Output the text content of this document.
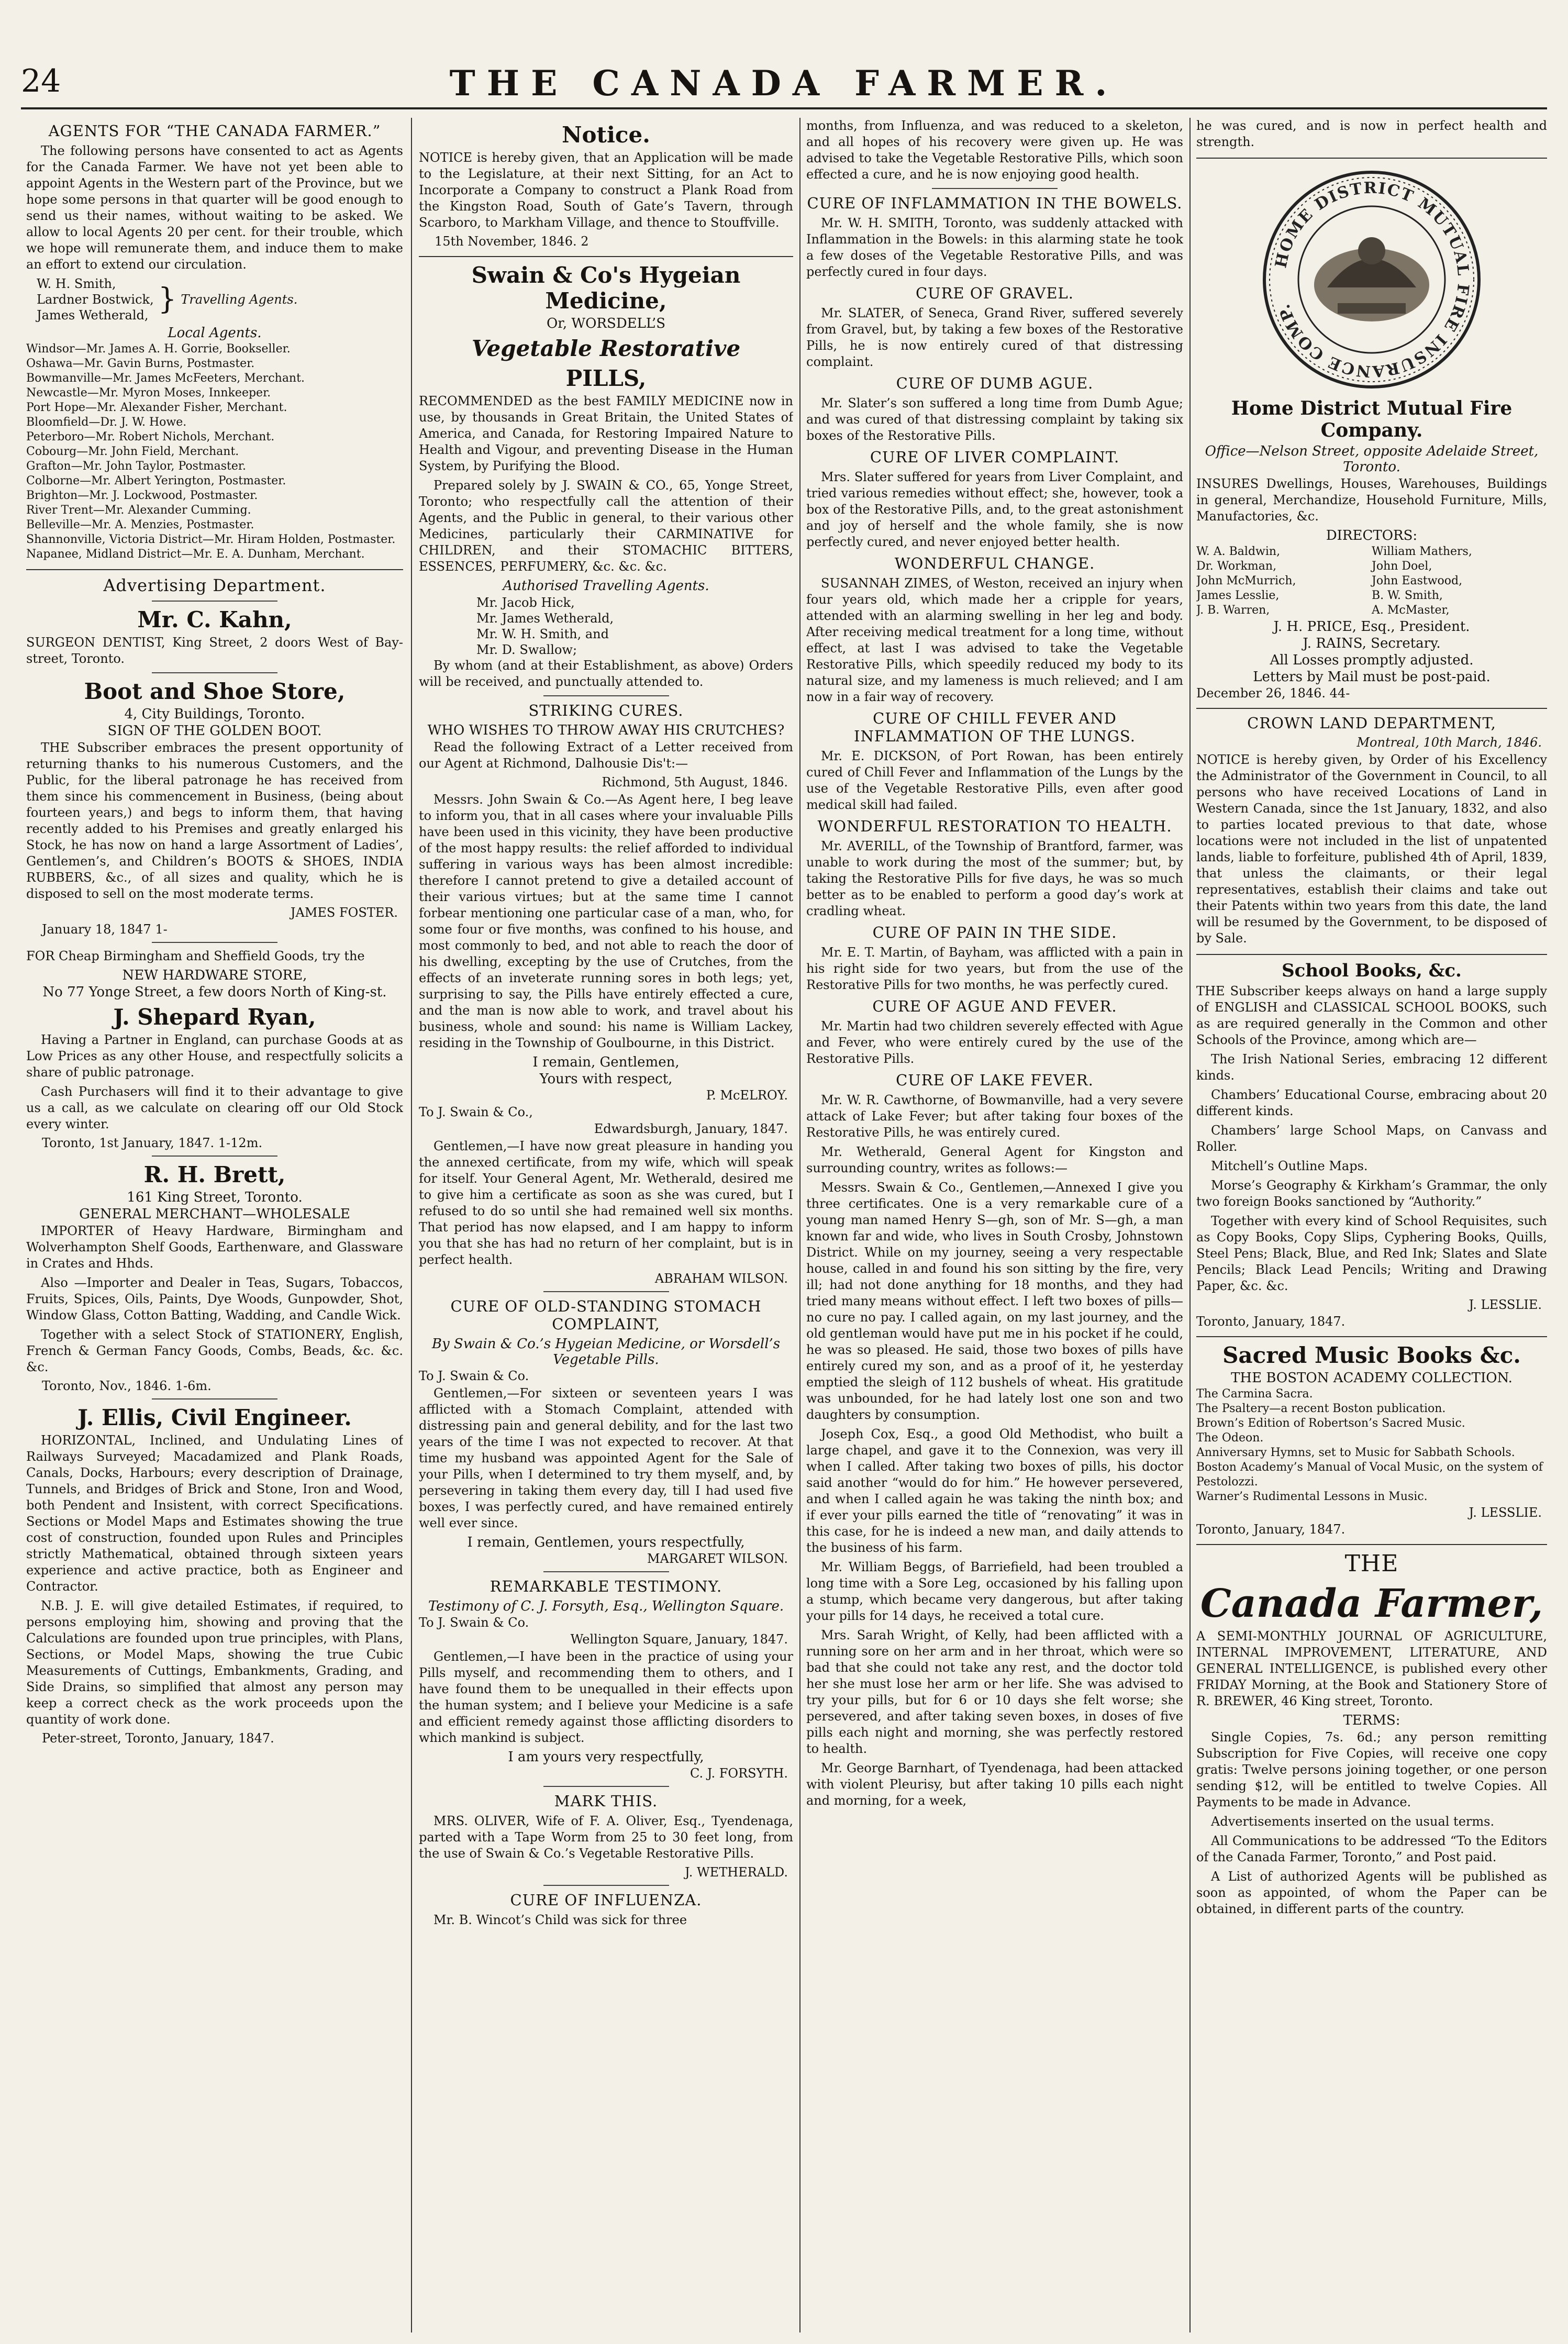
24	THE CANADA FARMER.
AGENTS FOR “THE CANADA FARMER.”

The following persons have consented to act as Agents for the Canada Farmer. We have not yet been able to appoint Agents in the Western part of the Province, but we hope some persons in that quarter will be good enough to send us their names, without waiting to be asked. We allow to local Agents 20 per cent. for their trouble, which we hope will remunerate them, and induce them to make an effort to extend our circulation.

W. H. Smith,
Lardner Bostwick,
James Wetherald, } Travelling Agents.
Local Agents.

Windsor—Mr. James A. H. Gorrie, Bookseller.

Oshawa—Mr. Gavin Burns, Postmaster.

Bowmanville—Mr. James McFeeters, Merchant.

Newcastle—Mr. Myron Moses, Innkeeper.

Port Hope—Mr. Alexander Fisher, Merchant.

Bloomfield—Dr. J. W. Howe.

Peterboro—Mr. Robert Nichols, Merchant.

Cobourg—Mr. John Field, Merchant.

Grafton—Mr. John Taylor, Postmaster.

Colborne—Mr. Albert Yerington, Postmaster.

Brighton—Mr. J. Lockwood, Postmaster.

River Trent—Mr. Alexander Cumming.

Belleville—Mr. A. Menzies, Postmaster.

Shannonville, Victoria District—Mr. Hiram Holden, Postmaster.

Napanee, Midland District—Mr. E. A. Dunham, Merchant.

Advertising Department.
Mr. C. Kahn,

SURGEON DENTIST, King Street, 2 doors West of Bay-street, Toronto.

Boot and Shoe Store,
4, City Buildings, Toronto.
SIGN OF THE GOLDEN BOOT.

THE Subscriber embraces the present opportunity of returning thanks to his numerous Customers, and the Public, for the liberal patronage he has received from them since his commencement in Business, (being about fourteen years,) and begs to inform them, that having recently added to his Premises and greatly enlarged his Stock, he has now on hand a large Assortment of Ladies’, Gentlemen’s, and Children’s BOOTS & SHOES, INDIA RUBBERS, &c., of all sizes and quality, which he is disposed to sell on the most moderate terms.

JAMES FOSTER.
January 18, 1847 1-

FOR Cheap Birmingham and Sheffield Goods, try the

NEW HARDWARE STORE,
No 77 Yonge Street, a few doors North of King-st.
J. Shepard Ryan,

Having a Partner in England, can purchase Goods at as Low Prices as any other House, and respectfully solicits a share of public patronage.

Cash Purchasers will find it to their advantage to give us a call, as we calculate on clearing off our Old Stock every winter.

Toronto, 1st January, 1847. 1-12m.
R. H. Brett,
161 King Street, Toronto.
GENERAL MERCHANT—WHOLESALE

IMPORTER of Heavy Hardware, Birmingham and Wolverhampton Shelf Goods, Earthenware, and Glassware in Crates and Hhds.

Also —Importer and Dealer in Teas, Sugars, Tobaccos, Fruits, Spices, Oils, Paints, Dye Woods, Gunpowder, Shot, Window Glass, Cotton Batting, Wadding, and Candle Wick.

Together with a select Stock of STATIONERY, English, French & German Fancy Goods, Combs, Beads, &c. &c. &c.

Toronto, Nov., 1846. 1-6m.
J. Ellis, Civil Engineer.

HORIZONTAL, Inclined, and Undulating Lines of Railways Surveyed; Macadamized and Plank Roads, Canals, Docks, Harbours; every description of Drainage, Tunnels, and Bridges of Brick and Stone, Iron and Wood, both Pendent and Insistent, with correct Specifications. Sections or Model Maps and Estimates showing the true cost of construction, founded upon Rules and Principles strictly Mathematical, obtained through sixteen years experience and active practice, both as Engineer and Contractor.

N.B. J. E. will give detailed Estimates, if required, to persons employing him, showing and proving that the Calculations are founded upon true principles, with Plans, Sections, or Model Maps, showing the true Cubic Measurements of Cuttings, Embankments, Grading, and Side Drains, so simplified that almost any person may keep a correct check as the work proceeds upon the quantity of work done.

Peter-street, Toronto, January, 1847.
Notice.

NOTICE is hereby given, that an Application will be made to the Legislature, at their next Sitting, for an Act to Incorporate a Company to construct a Plank Road from the Kingston Road, South of Gate’s Tavern, through Scarboro, to Markham Village, and thence to Stouffville.

15th November, 1846. 2
Swain & Co's Hygeian Medicine,
Or, WORSDELL’S
Vegetable Restorative
PILLS,

RECOMMENDED as the best FAMILY MEDICINE now in use, by thousands in Great Britain, the United States of America, and Canada, for Restoring Impaired Nature to Health and Vigour, and preventing Disease in the Human System, by Purifying the Blood.

Prepared solely by J. SWAIN & CO., 65, Yonge Street, Toronto; who respectfully call the attention of their Agents, and the Public in general, to their various other Medicines, particularly their CARMINATIVE for CHILDREN, and their STOMACHIC BITTERS, ESSENCES, PERFUMERY, &c. &c. &c.

Authorised Travelling Agents.
Mr. Jacob Hick,
Mr. James Wetherald,
Mr. W. H. Smith, and
Mr. D. Swallow;

By whom (and at their Establishment, as above) Orders will be received, and punctually attended to.

STRIKING CURES.
WHO WISHES TO THROW AWAY HIS CRUTCHES?

Read the following Extract of a Letter received from our Agent at Richmond, Dalhousie Dis't:—

Richmond, 5th August, 1846.

Messrs. John Swain & Co.—As Agent here, I beg leave to inform you, that in all cases where your invaluable Pills have been used in this vicinity, they have been productive of the most happy results: the relief afforded to individual suffering in various ways has been almost incredible: therefore I cannot pretend to give a detailed account of their various virtues; but at the same time I cannot forbear mentioning one particular case of a man, who, for some four or five months, was confined to his house, and most commonly to bed, and not able to reach the door of his dwelling, excepting by the use of Crutches, from the effects of an inveterate running sores in both legs; yet, surprising to say, the Pills have entirely effected a cure, and the man is now able to work, and travel about his business, whole and sound: his name is William Lackey, residing in the Township of Goulbourne, in this District.

I remain, Gentlemen,
Yours with respect,
P. McELROY.
To J. Swain & Co.,
Edwardsburgh, January, 1847.

Gentlemen,—I have now great pleasure in handing you the annexed certificate, from my wife, which will speak for itself. Your General Agent, Mr. Wetherald, desired me to give him a certificate as soon as she was cured, but I refused to do so until she had remained well six months. That period has now elapsed, and I am happy to inform you that she has had no return of her complaint, but is in perfect health.

ABRAHAM WILSON.
CURE OF OLD-STANDING STOMACH COMPLAINT,
By Swain & Co.’s Hygeian Medicine, or Worsdell’s Vegetable Pills.
To J. Swain & Co.

Gentlemen,—For sixteen or seventeen years I was afflicted with a Stomach Complaint, attended with distressing pain and general debility, and for the last two years of the time I was not expected to recover. At that time my husband was appointed Agent for the Sale of your Pills, when I determined to try them myself, and, by persevering in taking them every day, till I had used five boxes, I was perfectly cured, and have remained entirely well ever since.

I remain, Gentlemen, yours respectfully,
MARGARET WILSON.
REMARKABLE TESTIMONY.
Testimony of C. J. Forsyth, Esq., Wellington Square.
To J. Swain & Co.
Wellington Square, January, 1847.

Gentlemen,—I have been in the practice of using your Pills myself, and recommending them to others, and I have found them to be unequalled in their effects upon the human system; and I believe your Medicine is a safe and efficient remedy against those afflicting disorders to which mankind is subject.

I am yours very respectfully,
C. J. FORSYTH.
MARK THIS.

MRS. OLIVER, Wife of F. A. Oliver, Esq., Tyendenaga, parted with a Tape Worm from 25 to 30 feet long, from the use of Swain & Co.’s Vegetable Restorative Pills.

J. WETHERALD.
CURE OF INFLUENZA.

Mr. B. Wincot’s Child was sick for three

months, from Influenza, and was reduced to a skeleton, and all hopes of his recovery were given up. He was advised to take the Vegetable Restorative Pills, which soon effected a cure, and he is now enjoying good health.

CURE OF INFLAMMATION IN THE BOWELS.

Mr. W. H. SMITH, Toronto, was suddenly attacked with Inflammation in the Bowels: in this alarming state he took a few doses of the Vegetable Restorative Pills, and was perfectly cured in four days.

CURE OF GRAVEL.

Mr. SLATER, of Seneca, Grand River, suffered severely from Gravel, but, by taking a few boxes of the Restorative Pills, he is now entirely cured of that distressing complaint.

CURE OF DUMB AGUE.

Mr. Slater’s son suffered a long time from Dumb Ague; and was cured of that distressing complaint by taking six boxes of the Restorative Pills.

CURE OF LIVER COMPLAINT.

Mrs. Slater suffered for years from Liver Complaint, and tried various remedies without effect; she, however, took a box of the Restorative Pills, and, to the great astonishment and joy of herself and the whole family, she is now perfectly cured, and never enjoyed better health.

WONDERFUL CHANGE.

SUSANNAH ZIMES, of Weston, received an injury when four years old, which made her a cripple for years, attended with an alarming swelling in her leg and body. After receiving medical treatment for a long time, without effect, at last I was advised to take the Vegetable Restorative Pills, which speedily reduced my body to its natural size, and my lameness is much relieved; and I am now in a fair way of recovery.

CURE OF CHILL FEVER AND INFLAMMATION OF THE LUNGS.

Mr. E. DICKSON, of Port Rowan, has been entirely cured of Chill Fever and Inflammation of the Lungs by the use of the Vegetable Restorative Pills, even after good medical skill had failed.

WONDERFUL RESTORATION TO HEALTH.

Mr. AVERILL, of the Township of Brantford, farmer, was unable to work during the most of the summer; but, by taking the Restorative Pills for five days, he was so much better as to be enabled to perform a good day’s work at cradling wheat.

CURE OF PAIN IN THE SIDE.

Mr. E. T. Martin, of Bayham, was afflicted with a pain in his right side for two years, but from the use of the Restorative Pills for two months, he was perfectly cured.

CURE OF AGUE AND FEVER.

Mr. Martin had two children severely effected with Ague and Fever, who were entirely cured by the use of the Restorative Pills.

CURE OF LAKE FEVER.

Mr. W. R. Cawthorne, of Bowmanville, had a very severe attack of Lake Fever; but after taking four boxes of the Restorative Pills, he was entirely cured.

Mr. Wetherald, General Agent for Kingston and surrounding country, writes as follows:—

Messrs. Swain & Co., Gentlemen,—Annexed I give you three certificates. One is a very remarkable cure of a young man named Henry S—gh, son of Mr. S—gh, a man known far and wide, who lives in South Crosby, Johnstown District. While on my journey, seeing a very respectable house, called in and found his son sitting by the fire, very ill; had not done anything for 18 months, and they had tried many means without effect. I left two boxes of pills—no cure no pay. I called again, on my last journey, and the old gentleman would have put me in his pocket if he could, he was so pleased. He said, those two boxes of pills have entirely cured my son, and as a proof of it, he yesterday emptied the sleigh of 112 bushels of wheat. His gratitude was unbounded, for he had lately lost one son and two daughters by consumption.

Joseph Cox, Esq., a good Old Methodist, who built a large chapel, and gave it to the Connexion, was very ill when I called. After taking two boxes of pills, his doctor said another “would do for him.” He however persevered, and when I called again he was taking the ninth box; and if ever your pills earned the title of “renovating” it was in this case, for he is indeed a new man, and daily attends to the business of his farm.

Mr. William Beggs, of Barriefield, had been troubled a long time with a Sore Leg, occasioned by his falling upon a stump, which became very dangerous, but after taking your pills for 14 days, he received a total cure.

Mrs. Sarah Wright, of Kelly, had been afflicted with a running sore on her arm and in her throat, which were so bad that she could not take any rest, and the doctor told her she must lose her arm or her life. She was advised to try your pills, but for 6 or 10 days she felt worse; she persevered, and after taking seven boxes, in doses of five pills each night and morning, she was perfectly restored to health.

Mr. George Barnhart, of Tyendenaga, had been attacked with violent Pleurisy, but after taking 10 pills each night and morning, for a week,

he was cured, and is now in perfect health and strength.

HOME DISTRICT MUTUAL FIRE INSURANCE COMP.
Home District Mutual Fire Company.
Office—Nelson Street, opposite Adelaide Street, Toronto.

INSURES Dwellings, Houses, Warehouses, Buildings in general, Merchandize, Household Furniture, Mills, Manufactories, &c.

DIRECTORS:
W. A. Baldwin,	William Mathers,
Dr. Workman,	John Doel,
John McMurrich,	John Eastwood,
James Lesslie,	B. W. Smith,
J. B. Warren,	A. McMaster,
J. H. PRICE, Esq., President.
J. RAINS, Secretary.
All Losses promptly adjusted.
Letters by Mail must be post-paid.
December 26, 1846. 44-
CROWN LAND DEPARTMENT,
Montreal, 10th March, 1846.

NOTICE is hereby given, by Order of his Excellency the Administrator of the Government in Council, to all persons who have received Locations of Land in Western Canada, since the 1st January, 1832, and also to parties located previous to that date, whose locations were not included in the list of unpatented lands, liable to forfeiture, published 4th of April, 1839, that unless the claimants, or their legal representatives, establish their claims and take out their Patents within two years from this date, the land will be resumed by the Government, to be disposed of by Sale.

School Books, &c.

THE Subscriber keeps always on hand a large supply of ENGLISH and CLASSICAL SCHOOL BOOKS, such as are required generally in the Common and other Schools of the Province, among which are—

The Irish National Series, embracing 12 different kinds.

Chambers’ Educational Course, embracing about 20 different kinds.

Chambers’ large School Maps, on Canvass and Roller.

Mitchell’s Outline Maps.

Morse’s Geography & Kirkham’s Grammar, the only two foreign Books sanctioned by “Authority.”

Together with every kind of School Requisites, such as Copy Books, Copy Slips, Cyphering Books, Quills, Steel Pens; Black, Blue, and Red Ink; Slates and Slate Pencils; Black Lead Pencils; Writing and Drawing Paper, &c. &c.

J. LESSLIE.
Toronto, January, 1847.
Sacred Music Books &c.
THE BOSTON ACADEMY COLLECTION.

The Carmina Sacra.

The Psaltery—a recent Boston publication.

Brown’s Edition of Robertson’s Sacred Music.

The Odeon.

Anniversary Hymns, set to Music for Sabbath Schools.

Boston Academy’s Manual of Vocal Music, on the system of Pestolozzi.

Warner’s Rudimental Lessons in Music.

J. LESSLIE.
Toronto, January, 1847.
THE
Canada Farmer,

A SEMI-MONTHLY JOURNAL OF AGRICULTURE, INTERNAL IMPROVEMENT, LITERATURE, AND GENERAL INTELLIGENCE, is published every other FRIDAY Morning, at the Book and Stationery Store of R. BREWER, 46 King street, Toronto.

TERMS:

Single Copies, 7s. 6d.; any person remitting Subscription for Five Copies, will receive one copy gratis: Twelve persons joining together, or one person sending $12, will be entitled to twelve Copies. All Payments to be made in Advance.

Advertisements inserted on the usual terms.

All Communications to be addressed “To the Editors of the Canada Farmer, Toronto,” and Post paid.

A List of authorized Agents will be published as soon as appointed, of whom the Paper can be obtained, in different parts of the country.
